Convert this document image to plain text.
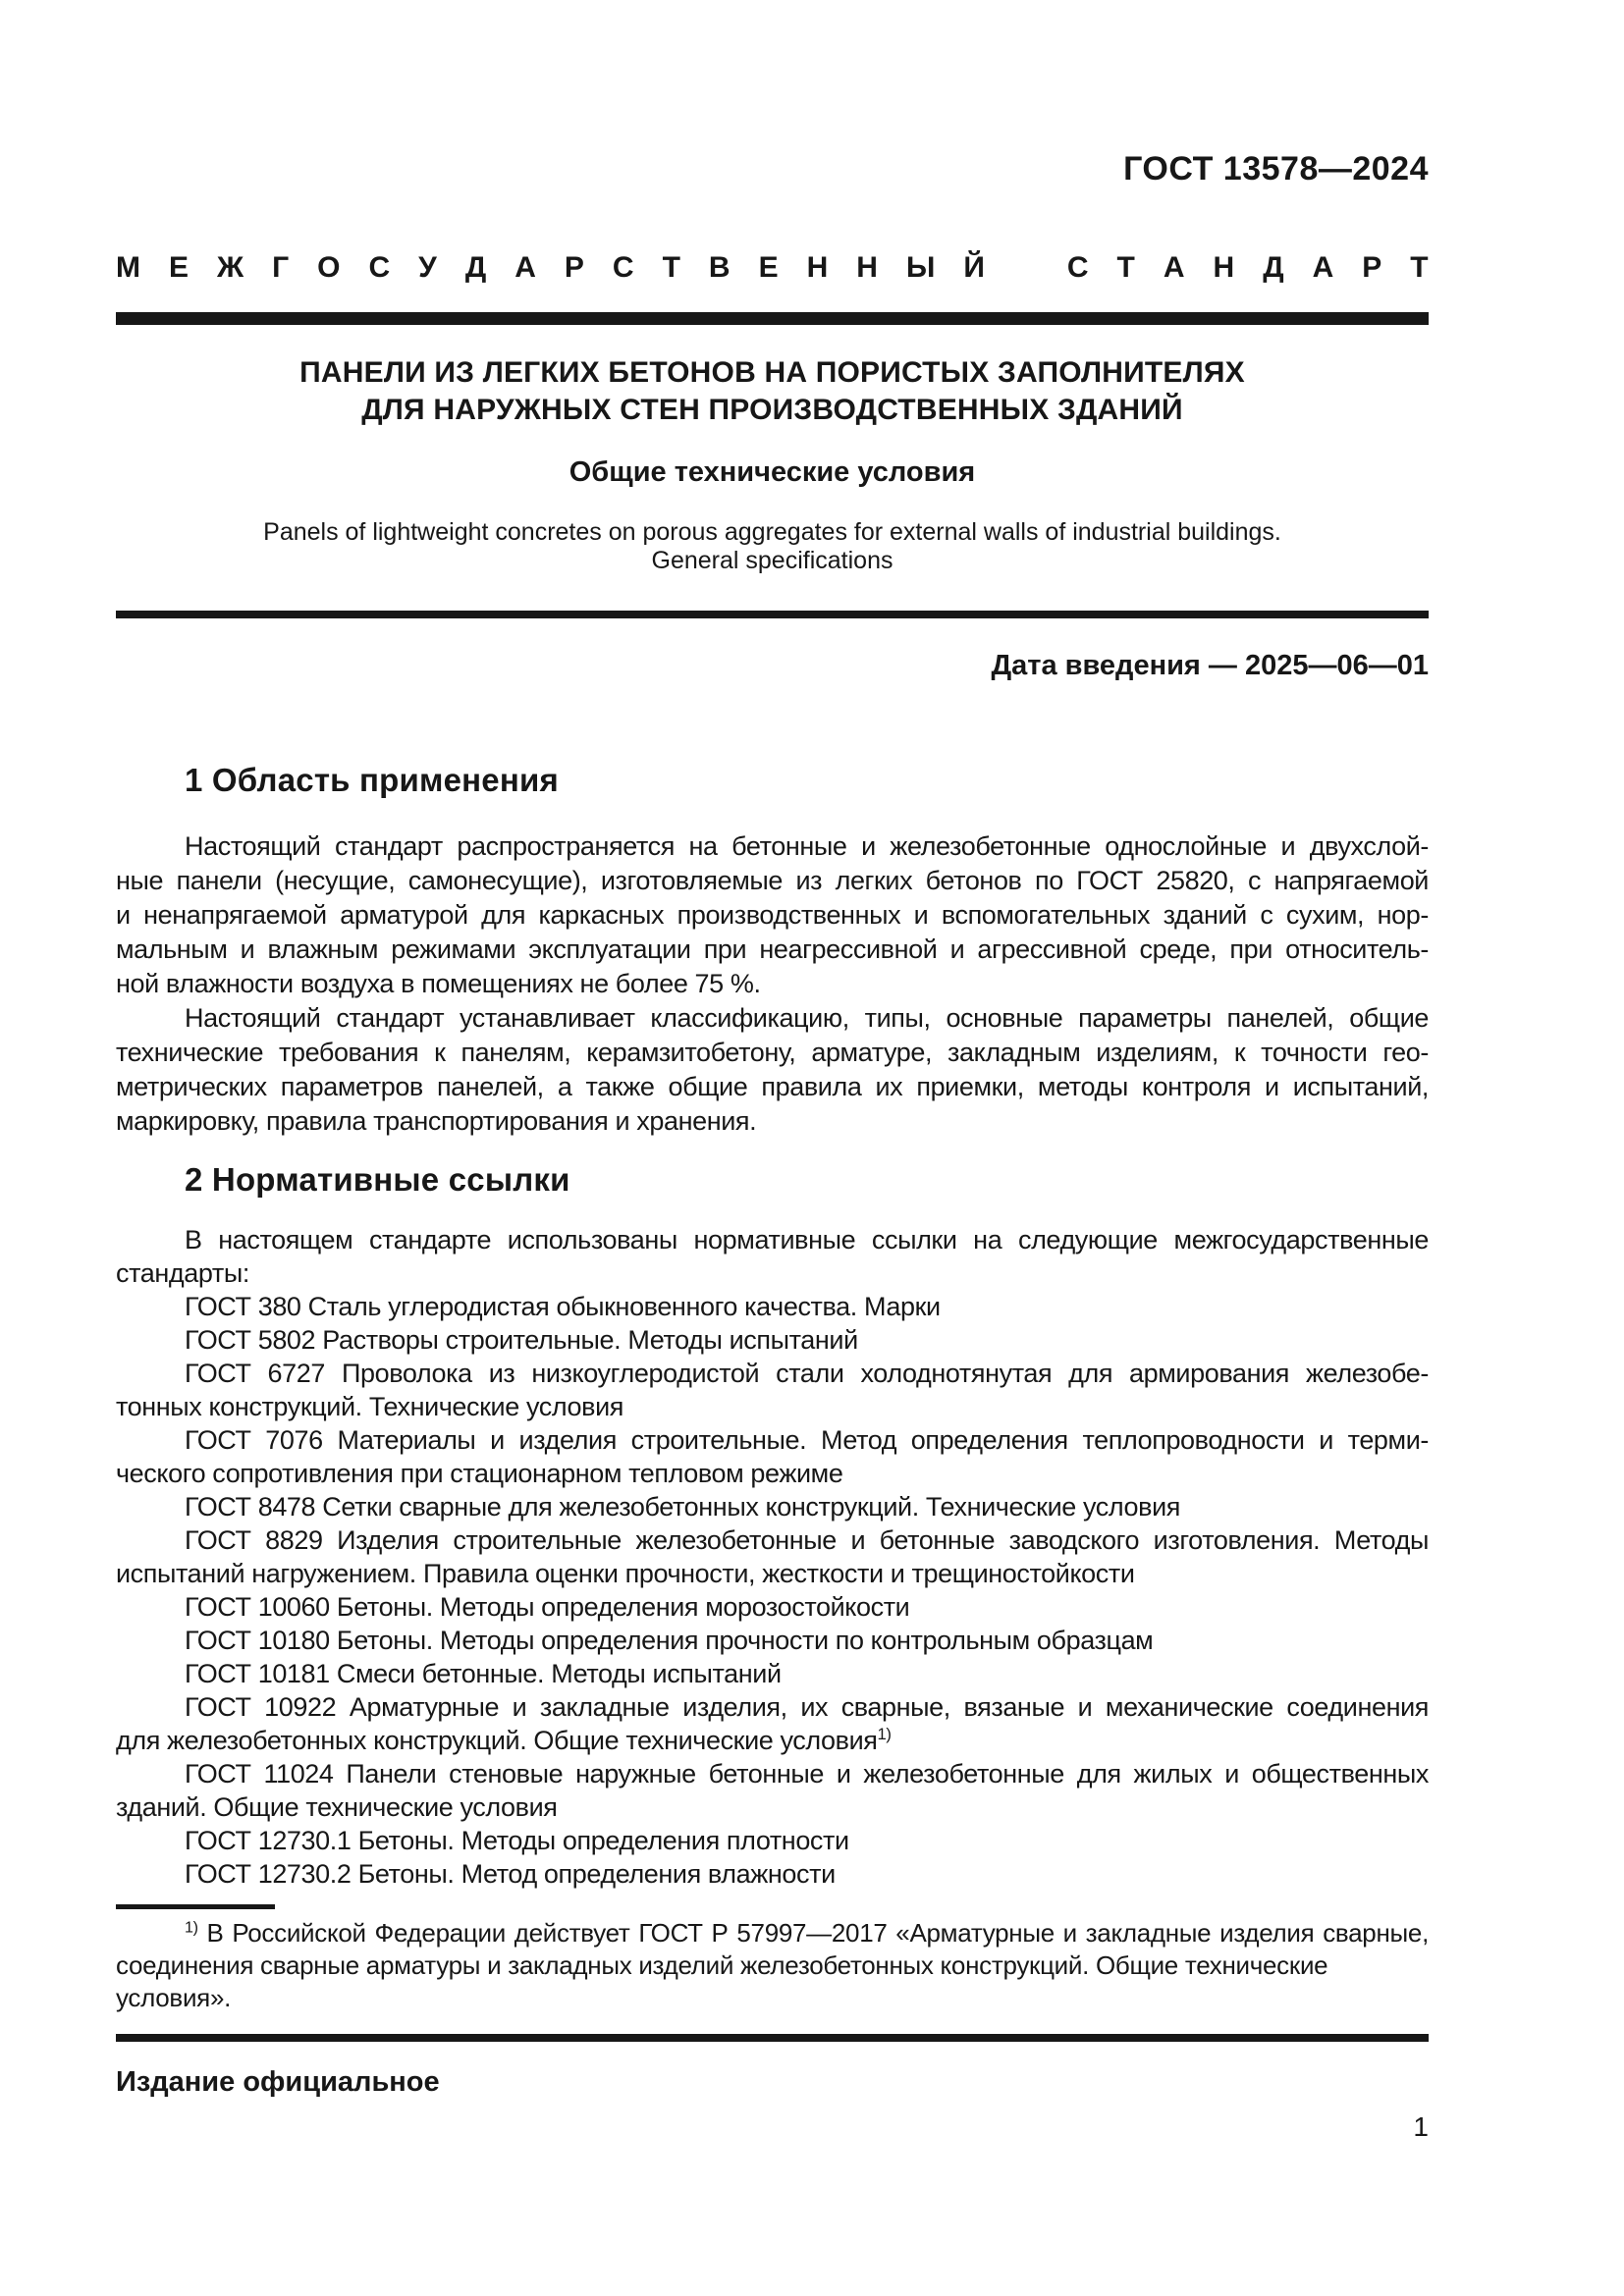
ГОСТ 13578—2024
М Е Ж Г О С У Д А Р С Т В Е Н Н Ы Й
	С Т А Н Д А Р Т
ПАНЕЛИ ИЗ ЛЕГКИХ БЕТОНОВ НА ПОРИСТЫХ ЗАПОЛНИТЕЛЯХ
ДЛЯ НАРУЖНЫХ СТЕН ПРОИЗВОДСТВЕННЫХ ЗДАНИЙ
Общие технические условия
Panels of lightweight concretes on porous aggregates for external walls of industrial buildings.
General specifications
Дата введения — 2025—06—01
1 Область применения
Настоящий стандарт распространяется на бетонные и железобетонные однослойные и двухслой-
ные панели (несущие, самонесущие), изготовляемые из легких бетонов по ГОСТ 25820, с напрягаемой
и ненапрягаемой арматурой для каркасных производственных и вспомогательных зданий с сухим, нор-
мальным и влажным режимами эксплуатации при неагрессивной и агрессивной среде, при относитель-
ной влажности воздуха в помещениях не более 75 %.
Настоящий стандарт устанавливает классификацию, типы, основные параметры панелей, общие
технические требования к панелям, керамзитобетону, арматуре, закладным изделиям, к точности гео-
метрических параметров панелей, а также общие правила их приемки, методы контроля и испытаний,
маркировку, правила транспортирования и хранения.
2 Нормативные ссылки
В настоящем стандарте использованы нормативные ссылки на следующие межгосударственные
стандарты:
ГОСТ 380 Сталь углеродистая обыкновенного качества. Марки
ГОСТ 5802 Растворы строительные. Методы испытаний
ГОСТ 6727 Проволока из низкоуглеродистой стали холоднотянутая для армирования железобе-
тонных конструкций. Технические условия
ГОСТ 7076 Материалы и изделия строительные. Метод определения теплопроводности и терми-
ческого сопротивления при стационарном тепловом режиме
ГОСТ 8478 Сетки сварные для железобетонных конструкций. Технические условия
ГОСТ 8829 Изделия строительные железобетонные и бетонные заводского изготовления. Методы
испытаний нагружением. Правила оценки прочности, жесткости и трещиностойкости
ГОСТ 10060 Бетоны. Методы определения морозостойкости
ГОСТ 10180 Бетоны. Методы определения прочности по контрольным образцам
ГОСТ 10181 Смеси бетонные. Методы испытаний
ГОСТ 10922 Арматурные и закладные изделия, их сварные, вязаные и механические соединения
для железобетонных конструкций. Общие технические условия$^{1)}$
ГОСТ 11024 Панели стеновые наружные бетонные и железобетонные для жилых и общественных
зданий. Общие технические условия
ГОСТ 12730.1 Бетоны. Методы определения плотности
ГОСТ 12730.2 Бетоны. Метод определения влажности
$^{1)}$ В Российской Федерации действует ГОСТ Р 57997—2017 «Арматурные и закладные изделия сварные,
соединения сварные арматуры и закладных изделий железобетонных конструкций. Общие технические условия».
Издание официальное
1
